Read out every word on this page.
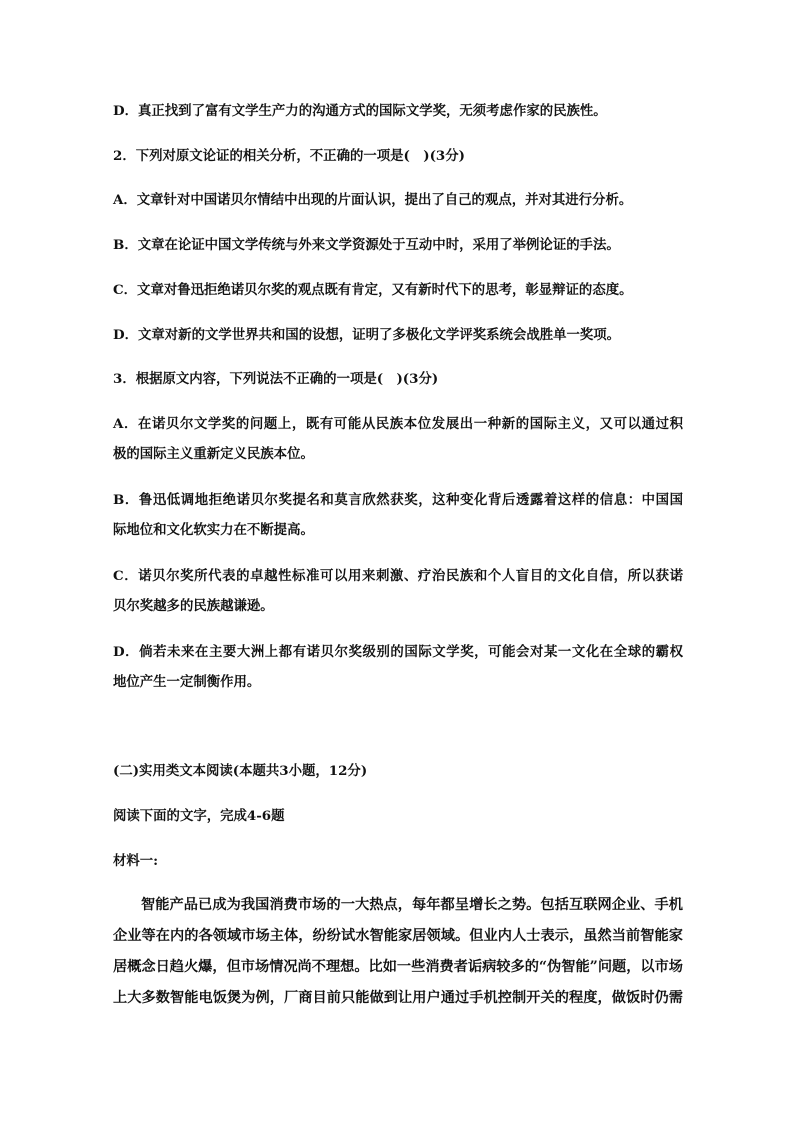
D．真正找到了富有文学生产力的沟通方式的国际文学奖，无须考虑作家的民族性。
2．下列对原文论证的相关分析，不正确的一项是(　)(3分)
A．文章针对中国诺贝尔情结中出现的片面认识，提出了自己的观点，并对其进行分析。
B．文章在论证中国文学传统与外来文学资源处于互动中时，采用了举例论证的手法。
C．文章对鲁迅拒绝诺贝尔奖的观点既有肯定，又有新时代下的思考，彰显辩证的态度。
D．文章对新的文学世界共和国的设想，证明了多极化文学评奖系统会战胜单一奖项。
3．根据原文内容，下列说法不正确的一项是(　)(3分)
A．在诺贝尔文学奖的问题上，既有可能从民族本位发展出一种新的国际主义，又可以通过积
极的国际主义重新定义民族本位。
B．鲁迅低调地拒绝诺贝尔奖提名和莫言欣然获奖，这种变化背后透露着这样的信息：中国国
际地位和文化软实力在不断提高。
C．诺贝尔奖所代表的卓越性标准可以用来刺激、疗治民族和个人盲目的文化自信，所以获诺
贝尔奖越多的民族越谦逊。
D．倘若未来在主要大洲上都有诺贝尔奖级别的国际文学奖，可能会对某一文化在全球的霸权
地位产生一定制衡作用。
(二)实用类文本阅读(本题共3小题，12分)
阅读下面的文字，完成4-6题
材料一:
智能产品已成为我国消费市场的一大热点，每年都呈增长之势。包括互联网企业、手机
企业等在内的各领域市场主体，纷纷试水智能家居领域。但业内人士表示，虽然当前智能家
居概念日趋火爆，但市场情况尚不理想。比如一些消费者诟病较多的“伪智能”问题，以市场
上大多数智能电饭煲为例，厂商目前只能做到让用户通过手机控制开关的程度，做饭时仍需
